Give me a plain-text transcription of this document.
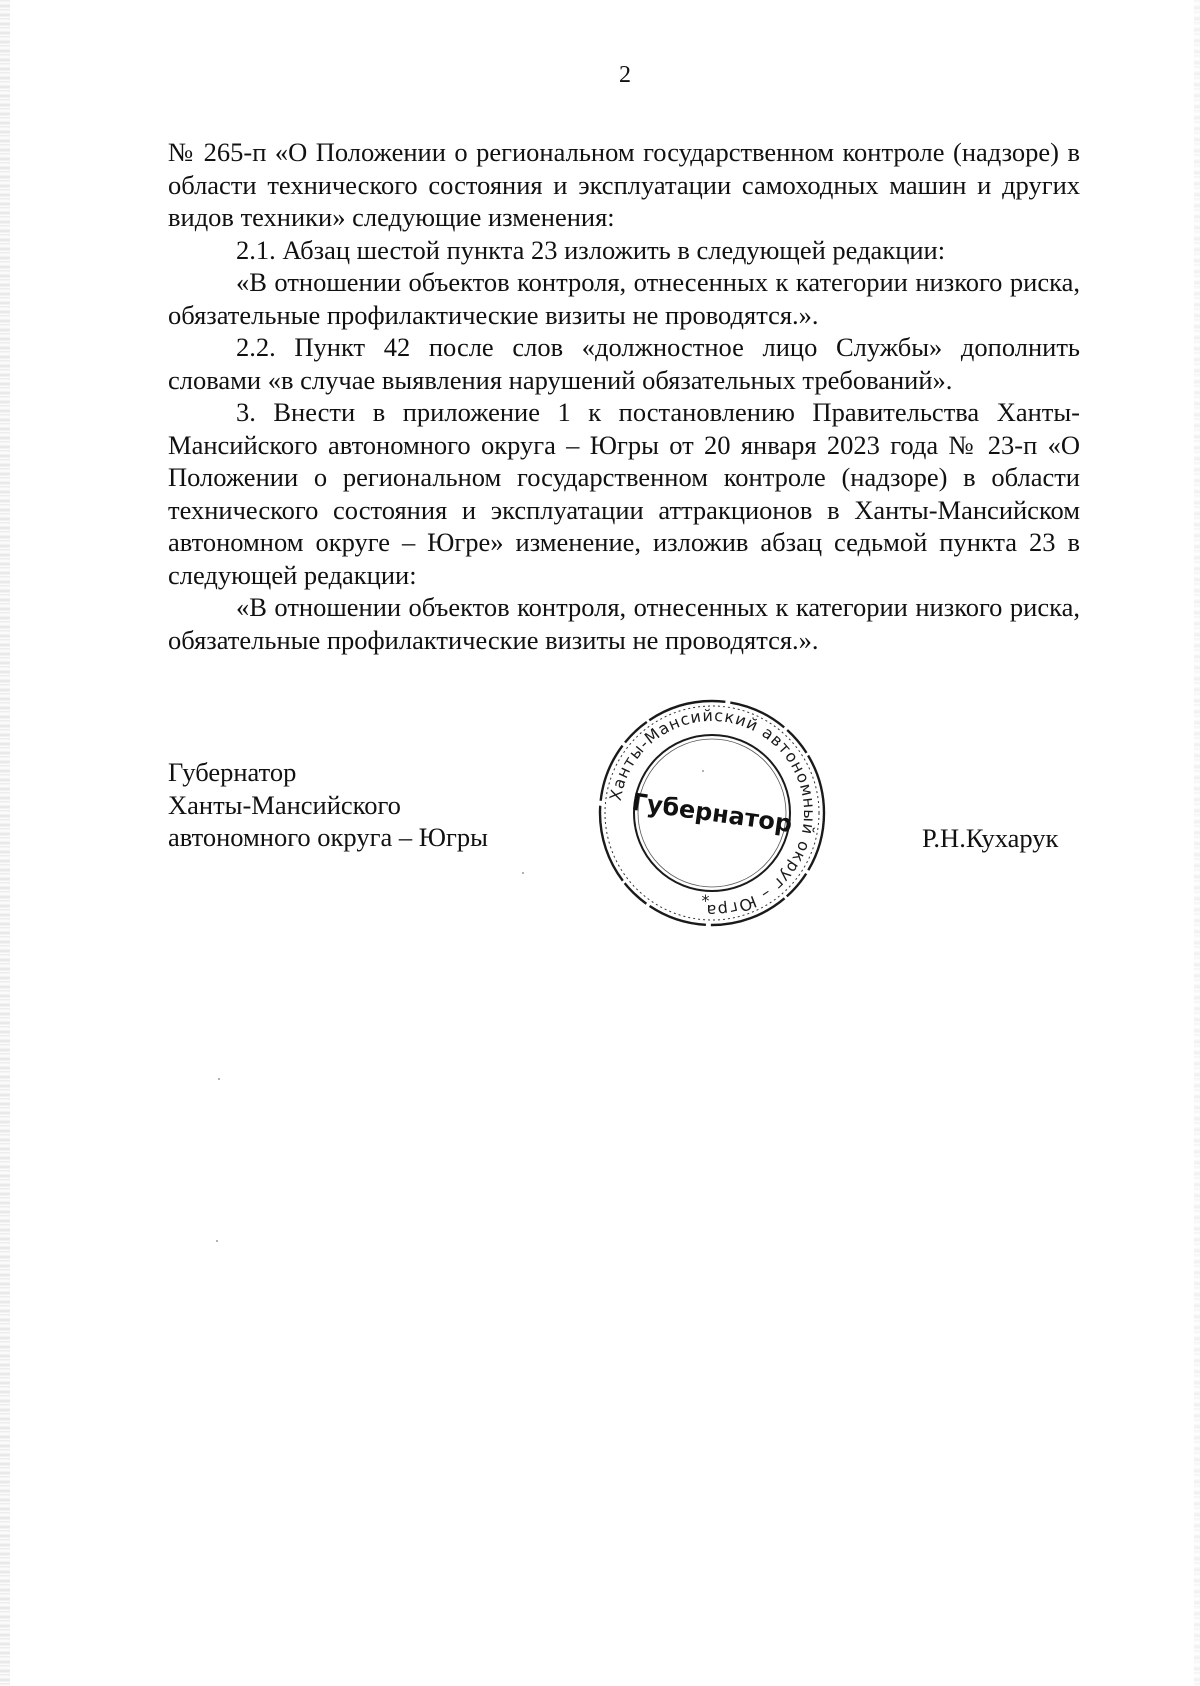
2

№ 265-п «О Положении о региональном государственном контроле (надзоре) в области технического состояния и эксплуатации самоходных машин и других видов техники» следующие изменения:

2.1. Абзац шестой пункта 23 изложить в следующей редакции:

«В отношении объектов контроля, отнесенных к категории низкого риска, обязательные профилактические визиты не проводятся.».

2.2. Пункт 42 после слов «должностное лицо Службы» дополнить словами «в случае выявления нарушений обязательных требований».

3. Внести в приложение 1 к постановлению Правительства Ханты-Мансийского автономного округа – Югры от 20 января 2023 года № 23-п «О Положении о региональном государственном контроле (надзоре) в области технического состояния и эксплуатации аттракционов в Ханты-Мансийском автономном округе – Югре» изменение, изложив абзац седьмой пункта 23 в следующей редакции:

«В отношении объектов контроля, отнесенных к категории низкого риска, обязательные профилактические визиты не проводятся.».

Губернатор
Ханты-Мансийского
автономного округа – Югры
Ханты-Мансийский автономный округ – Югра
Губернатор
*
Р.Н.Кухарук
